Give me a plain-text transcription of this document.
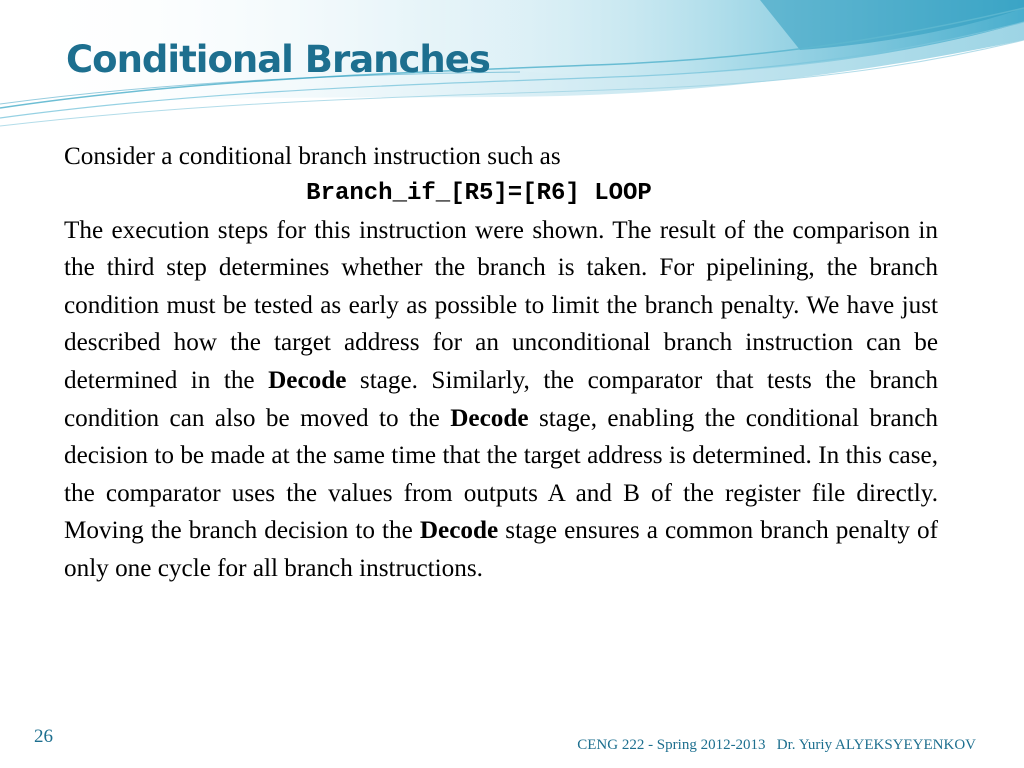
Conditional Branches

Consider a conditional branch instruction such as

Branch_if_[R5]=[R6] LOOP

The execution steps for this instruction were shown. The result of the comparison in the third step determines whether the branch is taken. For pipelining, the branch condition must be tested as early as possible to limit the branch penalty. We have just described how the target address for an unconditional branch instruction can be determined in the Decode stage. Similarly, the comparator that tests the branch condition can also be moved to the Decode stage, enabling the conditional branch decision to be made at the same time that the target address is determined. In this case, the comparator uses the values from outputs A and B of the register file directly. Moving the branch decision to the Decode stage ensures a common branch penalty of only one cycle for all branch instructions.

26	CENG 222 - Spring 2012-2013   Dr. Yuriy ALYEKSYEYENKOV
